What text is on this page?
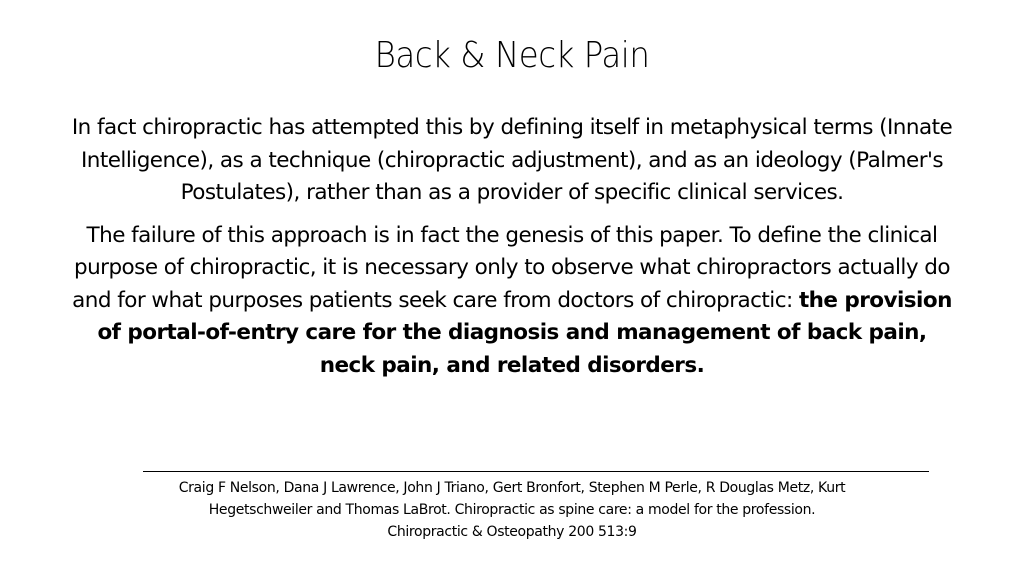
Back & Neck Pain

In fact chiropractic has attempted this by defining itself in metaphysical terms (Innate Intelligence), as a technique (chiropractic adjustment), and as an ideology (Palmer's Postulates), rather than as a provider of specific clinical services.

The failure of this approach is in fact the genesis of this paper. To define the clinical purpose of chiropractic, it is necessary only to observe what chiropractors actually do and for what purposes patients seek care from doctors of chiropractic: the provision of portal-of-entry care for the diagnosis and management of back pain, neck pain, and related disorders.

Craig F Nelson, Dana J Lawrence, John J Triano, Gert Bronfort, Stephen M Perle, R Douglas Metz, Kurt
Hegetschweiler and Thomas LaBrot. Chiropractic as spine care: a model for the profession.
Chiropractic & Osteopathy 200 513:9
